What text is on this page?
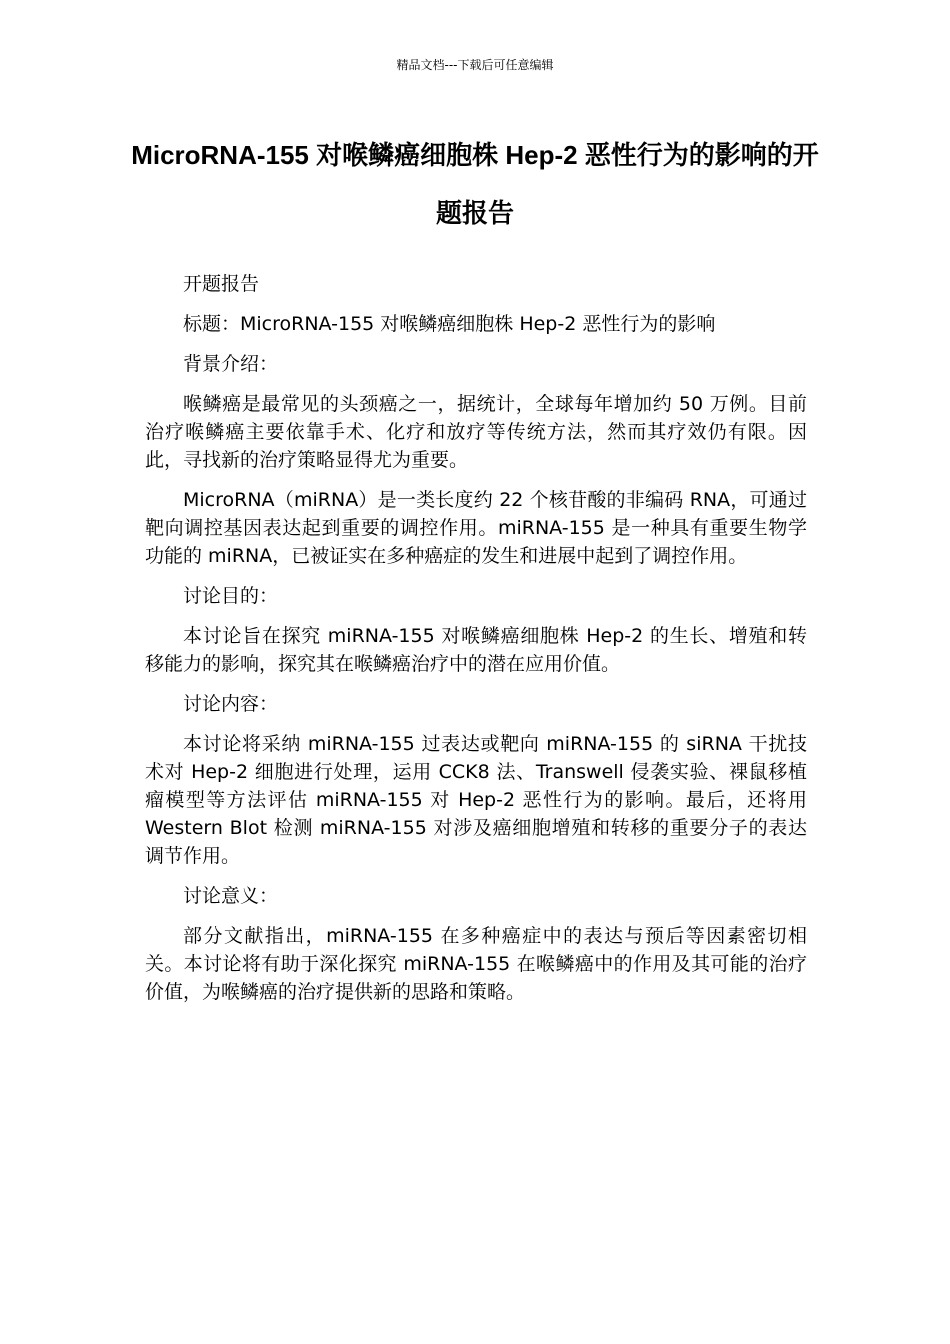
精品文档---下载后可任意编辑
MicroRNA-155 对喉鳞癌细胞株 Hep-2 恶性行为的影响的开题报告

开题报告

标题：MicroRNA-155 对喉鳞癌细胞株 Hep-2 恶性行为的影响

背景介绍：

喉鳞癌是最常见的头颈癌之一，据统计，全球每年增加约 50 万例。目前治疗喉鳞癌主要依靠手术、化疗和放疗等传统方法，然而其疗效仍有限。因此，寻找新的治疗策略显得尤为重要。

MicroRNA（miRNA）是一类长度约 22 个核苷酸的非编码 RNA，可通过靶向调控基因表达起到重要的调控作用。miRNA-155 是一种具有重要生物学功能的 miRNA，已被证实在多种癌症的发生和进展中起到了调控作用。

讨论目的：

本讨论旨在探究 miRNA-155 对喉鳞癌细胞株 Hep-2 的生长、增殖和转移能力的影响，探究其在喉鳞癌治疗中的潜在应用价值。

讨论内容：

本讨论将采纳 miRNA-155 过表达或靶向 miRNA-155 的 siRNA 干扰技术对 Hep-2 细胞进行处理，运用 CCK8 法、Transwell 侵袭实验、裸鼠移植瘤模型等方法评估 miRNA-155 对 Hep-2 恶性行为的影响。最后，还将用 Western Blot 检测 miRNA-155 对涉及癌细胞增殖和转移的重要分子的表达调节作用。

讨论意义：

部分文献指出，miRNA-155 在多种癌症中的表达与预后等因素密切相关。本讨论将有助于深化探究 miRNA-155 在喉鳞癌中的作用及其可能的治疗价值，为喉鳞癌的治疗提供新的思路和策略。
